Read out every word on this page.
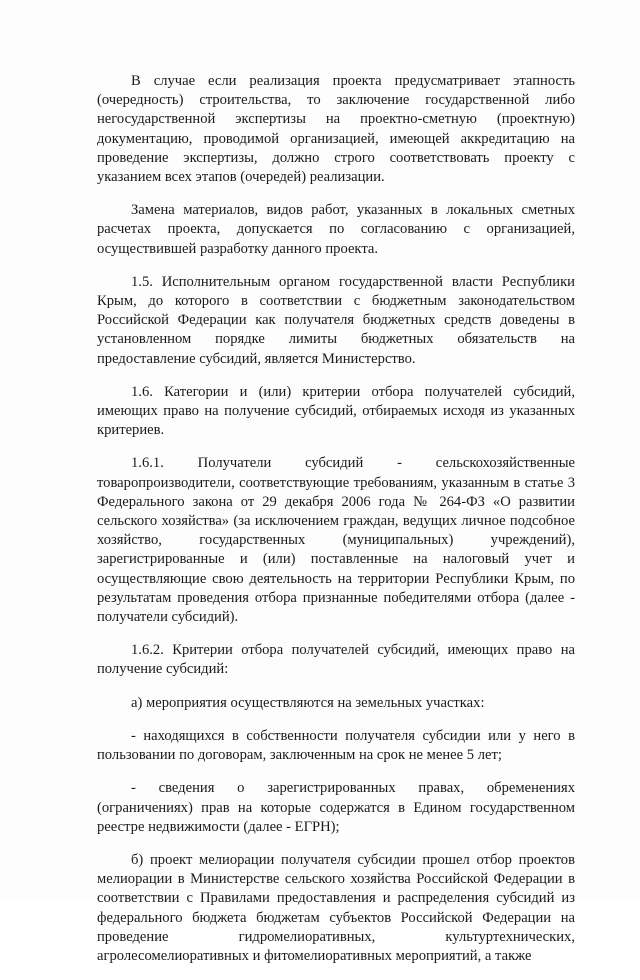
В случае если реализация проекта предусматривает этапность (очередность) строительства, то заключение государственной либо негосударственной экспертизы на проектно-сметную (проектную) документацию, проводимой организацией, имеющей аккредитацию на проведение экспертизы, должно строго соответствовать проекту с указанием всех этапов (очередей) реализации.

Замена материалов, видов работ, указанных в локальных сметных расчетах проекта, допускается по согласованию с организацией, осуществившей разработку данного проекта.

1.5. Исполнительным органом государственной власти Республики Крым, до которого в соответствии с бюджетным законодательством Российской Федерации как получателя бюджетных средств доведены в установленном порядке лимиты бюджетных обязательств на предоставление субсидий, является Министерство.

1.6. Категории и (или) критерии отбора получателей субсидий, имеющих право на получение субсидий, отбираемых исходя из указанных критериев.

1.6.1. Получатели субсидий - сельскохозяйственные товаропроизводители, соответствующие требованиям, указанным в статье 3 Федерального закона от 29 декабря 2006 года № 264-ФЗ «О развитии сельского хозяйства» (за исключением граждан, ведущих личное подсобное хозяйство, государственных (муниципальных) учреждений), зарегистрированные и (или) поставленные на налоговый учет и осуществляющие свою деятельность на территории Республики Крым, по результатам проведения отбора признанные победителями отбора (далее - получатели субсидий).

1.6.2. Критерии отбора получателей субсидий, имеющих право на получение субсидий:

а) мероприятия осуществляются на земельных участках:

- находящихся в собственности получателя субсидии или у него в пользовании по договорам, заключенным на срок не менее 5 лет;

- сведения о зарегистрированных правах, обременениях (ограничениях) прав на которые содержатся в Едином государственном реестре недвижимости (далее - ЕГРН);

б) проект мелиорации получателя субсидии прошел отбор проектов мелиорации в Министерстве сельского хозяйства Российской Федерации в соответствии с Правилами предоставления и распределения субсидий из федерального бюджета бюджетам субъектов Российской Федерации на проведение гидромелиоративных, культуртехнических, агролесомелиоративных и фитомелиоративных мероприятий, а также
